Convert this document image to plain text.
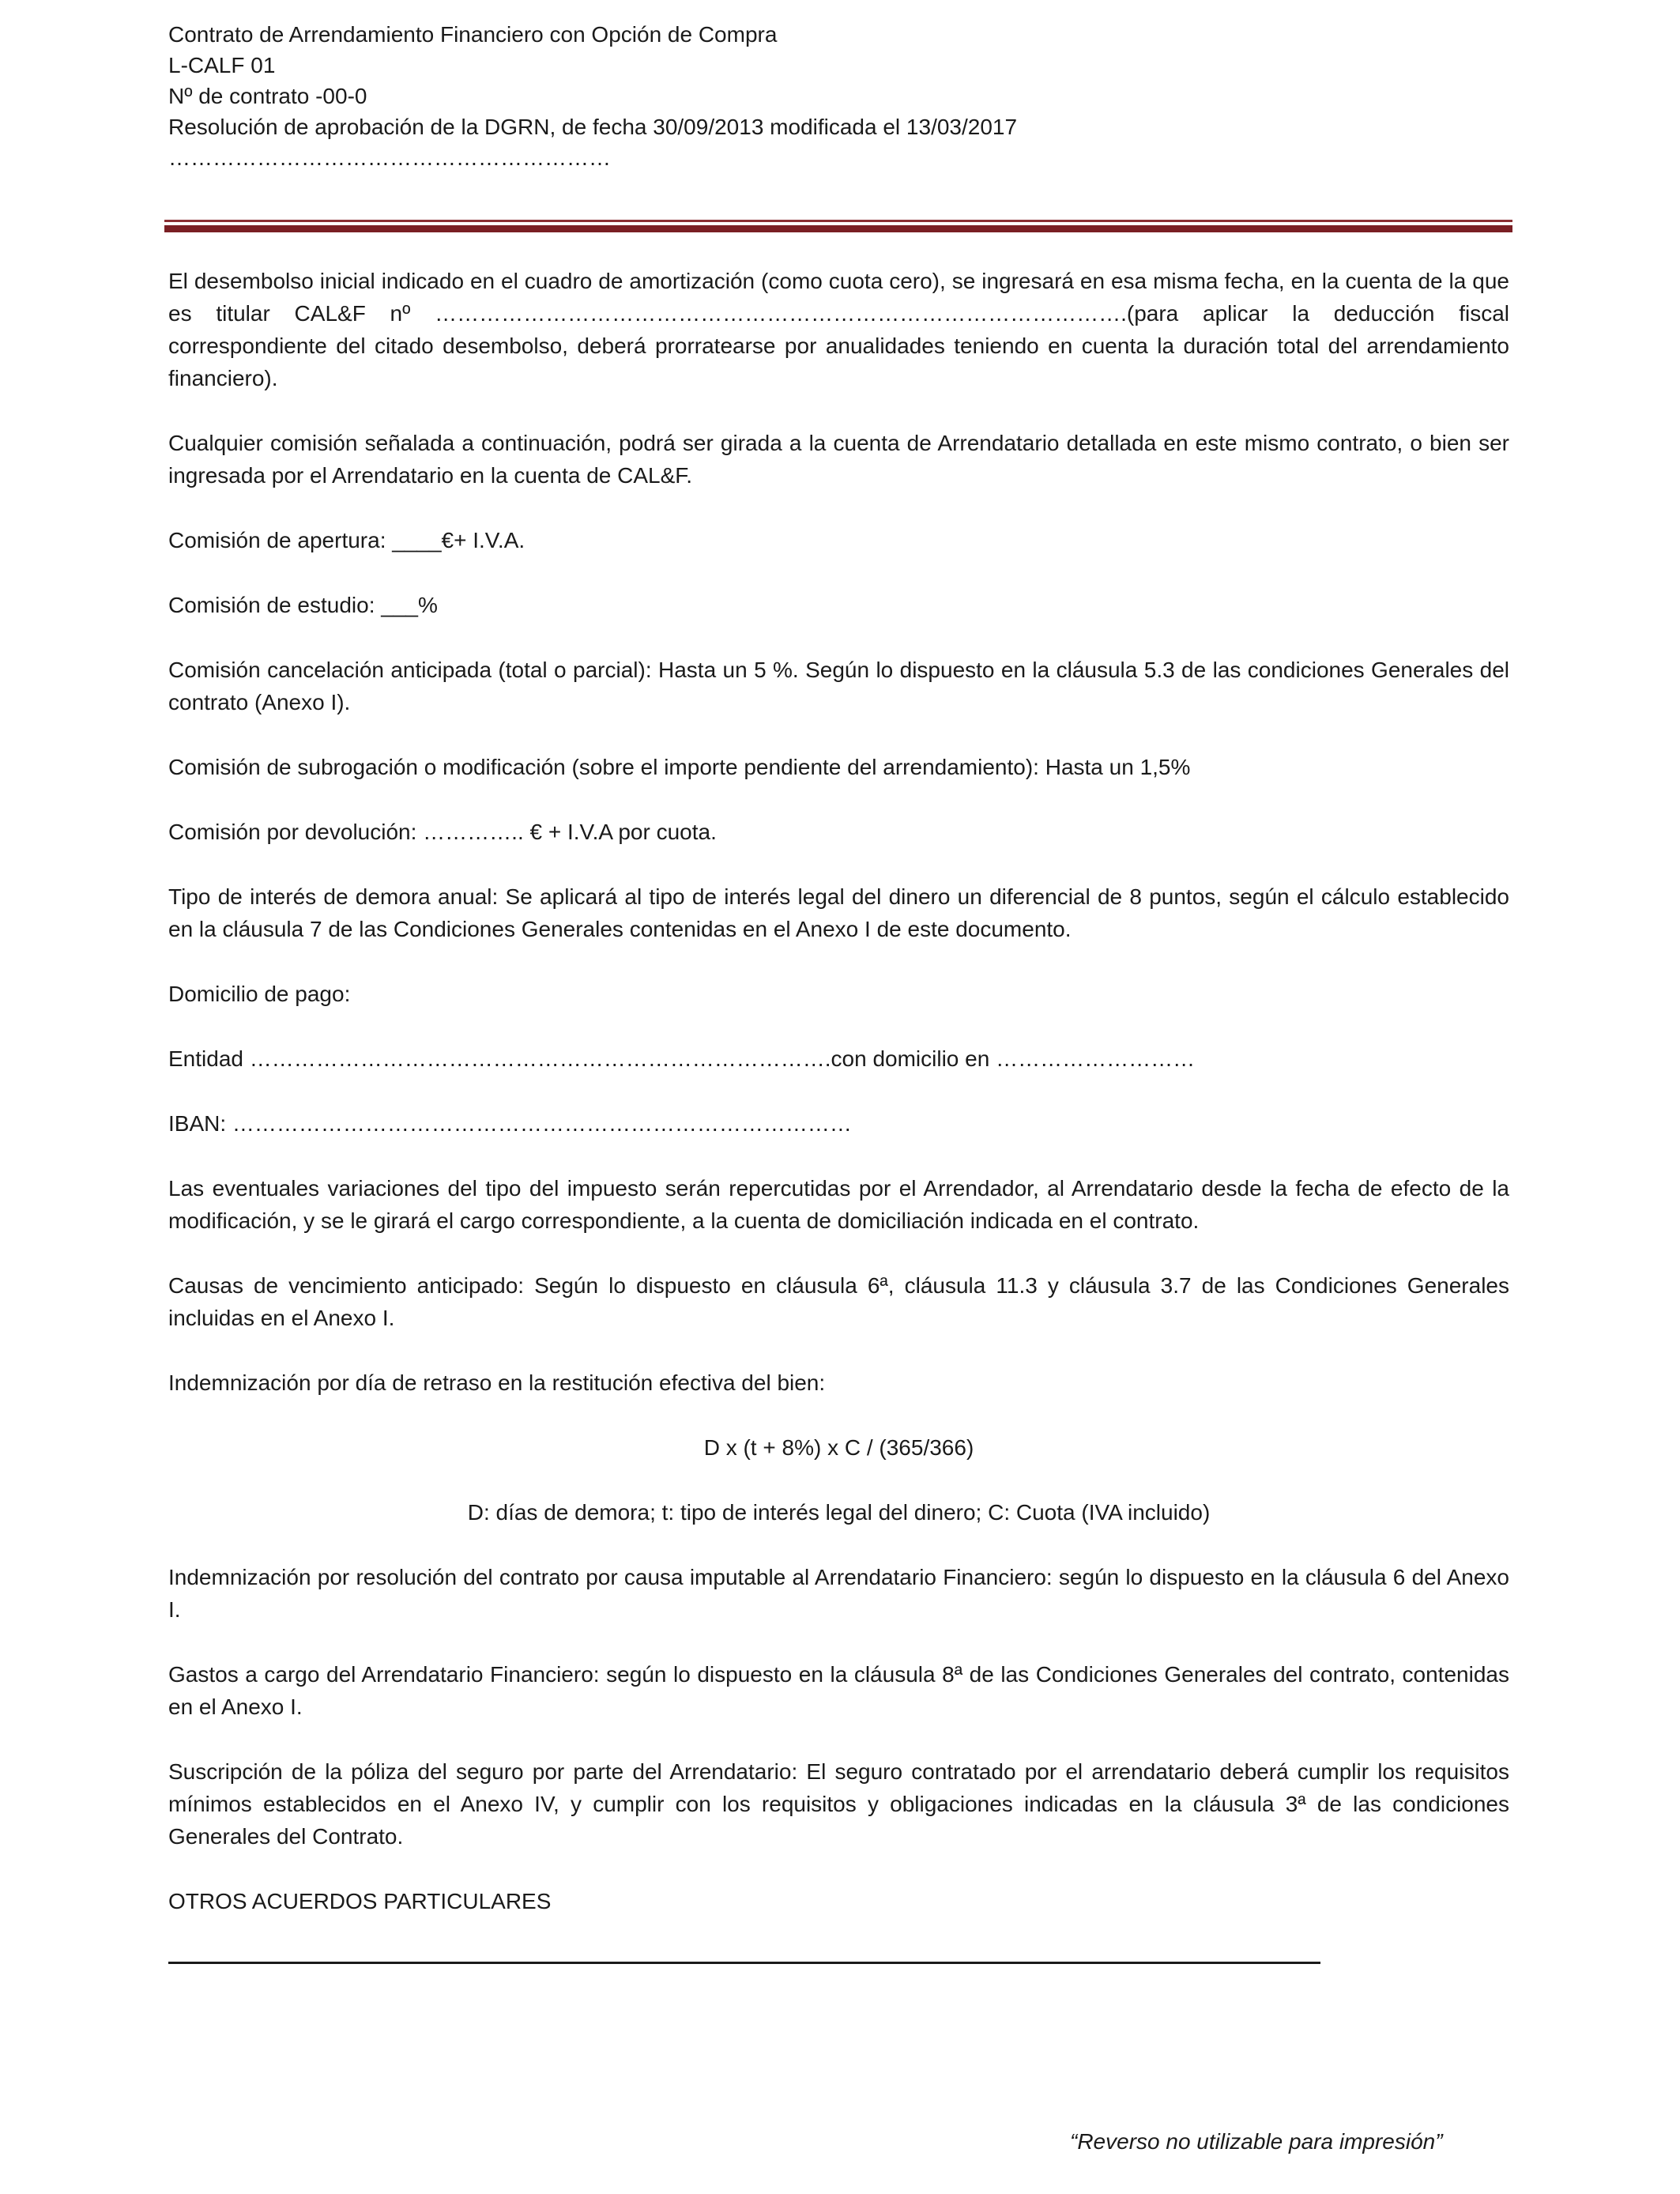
Contrato de Arrendamiento Financiero con Opción de Compra
L-CALF 01
Nº de contrato -00-0
Resolución de aprobación de la DGRN, de fecha 30/09/2013 modificada el 13/03/2017
……………………………………………………

El desembolso inicial indicado en el cuadro de amortización (como cuota cero), se ingresará en esa misma fecha, en la cuenta de la que es titular CAL&F nº ………………………………………………………………………………….(para aplicar la deducción fiscal correspondiente del citado desembolso, deberá prorratearse por anualidades teniendo en cuenta la duración total del arrendamiento financiero).

Cualquier comisión señalada a continuación, podrá ser girada a la cuenta de Arrendatario detallada en este mismo contrato, o bien ser ingresada por el Arrendatario en la cuenta de CAL&F.

Comisión de apertura: ____€+ I.V.A.

Comisión de estudio: ___%

Comisión cancelación anticipada (total o parcial): Hasta un 5 %. Según lo dispuesto en la cláusula 5.3 de las condiciones Generales del contrato (Anexo I).

Comisión de subrogación o modificación (sobre el importe pendiente del arrendamiento): Hasta un 1,5%

Comisión por devolución: ………….. € + I.V.A por cuota.

Tipo de interés de demora anual: Se aplicará al tipo de interés legal del dinero un diferencial de 8 puntos, según el cálculo establecido en la cláusula 7 de las Condiciones Generales contenidas en el Anexo I de este documento.

Domicilio de pago:

Entidad …………………………………………………………………….con domicilio en ………………………

IBAN: …………………………………………………………………………

Las eventuales variaciones del tipo del impuesto serán repercutidas por el Arrendador, al Arrendatario desde la fecha de efecto de la modificación, y se le girará el cargo correspondiente, a la cuenta de domiciliación indicada en el contrato.

Causas de vencimiento anticipado: Según lo dispuesto en cláusula 6ª, cláusula 11.3 y cláusula 3.7 de las Condiciones Generales incluidas en el Anexo I.

Indemnización por día de retraso en la restitución efectiva del bien:

D x (t + 8%) x C / (365/366)

D: días de demora; t: tipo de interés legal del dinero; C: Cuota (IVA incluido)

Indemnización por resolución del contrato por causa imputable al Arrendatario Financiero: según lo dispuesto en la cláusula 6 del Anexo I.

Gastos a cargo del Arrendatario Financiero: según lo dispuesto en la cláusula 8ª de las Condiciones Generales del contrato, contenidas en el Anexo I.

Suscripción de la póliza del seguro por parte del Arrendatario: El seguro contratado por el arrendatario deberá cumplir los requisitos mínimos establecidos en el Anexo IV, y cumplir con los requisitos y obligaciones indicadas en la cláusula 3ª de las condiciones Generales del Contrato.

OTROS ACUERDOS PARTICULARES

“Reverso no utilizable para impresión”
